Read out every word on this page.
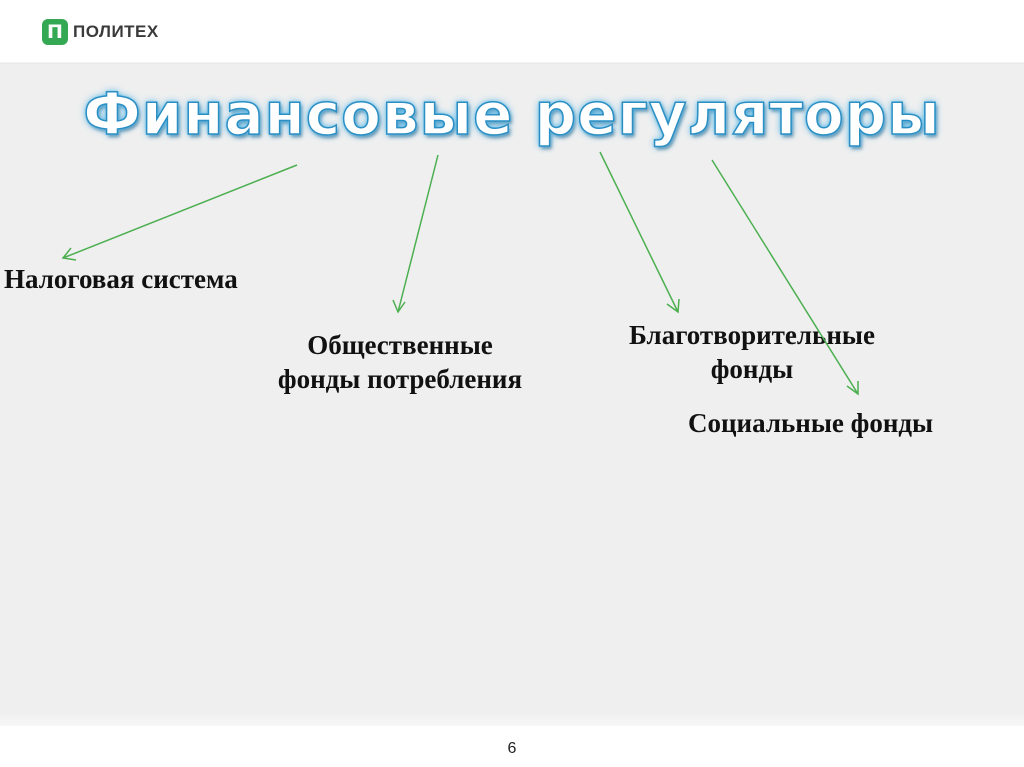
П ПОЛИТЕХ
Финансовые регуляторы
Налоговая система
Общественные
фонды потребления
Благотворительные
фонды
Социальные фонды
6
